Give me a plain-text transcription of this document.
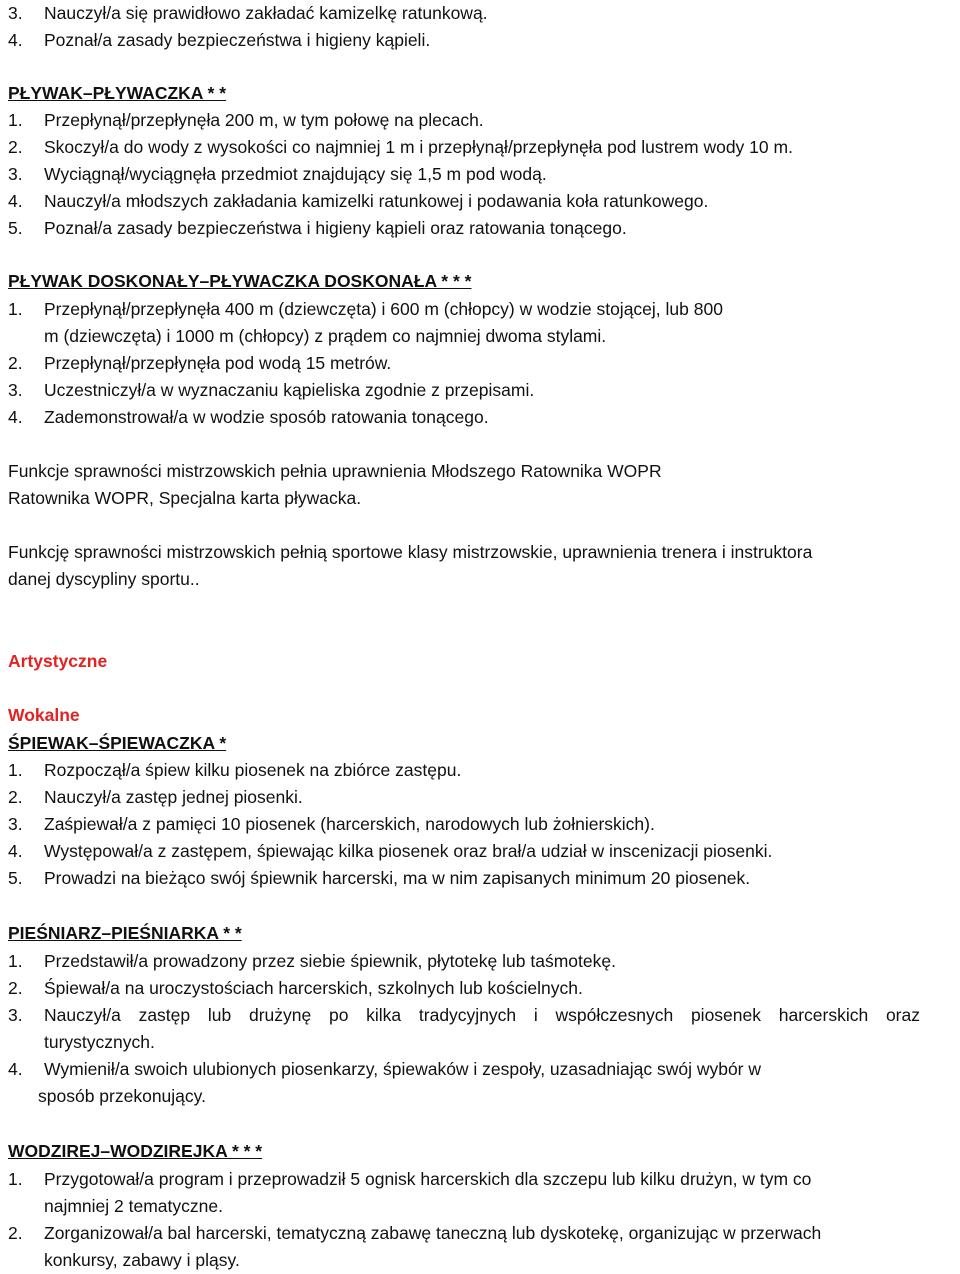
3. Nauczył/a się prawidłowo zakładać kamizelkę ratunkową.
4. Poznał/a zasady bezpieczeństwa i higieny kąpieli.
PŁYWAK–PŁYWACZKA * *
1. Przepłynął/przepłynęła 200 m, w tym połowę na plecach.
2. Skoczył/a do wody z wysokości co najmniej 1 m i przepłynął/przepłynęła pod lustrem wody 10 m.
3. Wyciągnął/wyciągnęła przedmiot znajdujący się 1,5 m pod wodą.
4. Nauczył/a młodszych zakładania kamizelki ratunkowej i podawania koła ratunkowego.
5. Poznał/a zasady bezpieczeństwa i higieny kąpieli oraz ratowania tonącego.
PŁYWAK DOSKONAŁY–PŁYWACZKA DOSKONAŁA * * *
1. Przepłynął/przepłynęła 400 m (dziewczęta) i 600 m (chłopcy) w wodzie stojącej, lub 800
m (dziewczęta) i 1000 m (chłopcy) z prądem co najmniej dwoma stylami.
2. Przepłynął/przepłynęła pod wodą 15 metrów.
3. Uczestniczył/a w wyznaczaniu kąpieliska zgodnie z przepisami.
4. Zademonstrował/a w wodzie sposób ratowania tonącego.
Funkcje sprawności mistrzowskich pełnia uprawnienia Młodszego Ratownika WOPR
Ratownika WOPR, Specjalna karta pływacka.
Funkcję sprawności mistrzowskich pełnią sportowe klasy mistrzowskie, uprawnienia trenera i instruktora
danej dyscypliny sportu..
Artystyczne
Wokalne
ŚPIEWAK–ŚPIEWACZKA *
1. Rozpoczął/a śpiew kilku piosenek na zbiórce zastępu.
2. Nauczył/a zastęp jednej piosenki.
3. Zaśpiewał/a z pamięci 10 piosenek (harcerskich, narodowych lub żołnierskich).
4. Występował/a z zastępem, śpiewając kilka piosenek oraz brał/a udział w inscenizacji piosenki.
5. Prowadzi na bieżąco swój śpiewnik harcerski, ma w nim zapisanych minimum 20 piosenek.
PIEŚNIARZ–PIEŚNIARKA * *
1. Przedstawił/a prowadzony przez siebie śpiewnik, płytotekę lub taśmotekę.
2. Śpiewał/a na uroczystościach harcerskich, szkolnych lub kościelnych.
3.	Nauczył/a zastęp lub drużynę po kilka tradycyjnych i współczesnych piosenek harcerskich oraz
turystycznych.
4. Wymienił/a swoich ulubionych piosenkarzy, śpiewaków i zespoły, uzasadniając swój wybór w
sposób przekonujący.
WODZIREJ–WODZIREJKA * * *
1. Przygotował/a program i przeprowadził 5 ognisk harcerskich dla szczepu lub kilku drużyn, w tym co
najmniej 2 tematyczne.
2. Zorganizował/a bal harcerski, tematyczną zabawę taneczną lub dyskotekę, organizując w przerwach
konkursy, zabawy i pląsy.
